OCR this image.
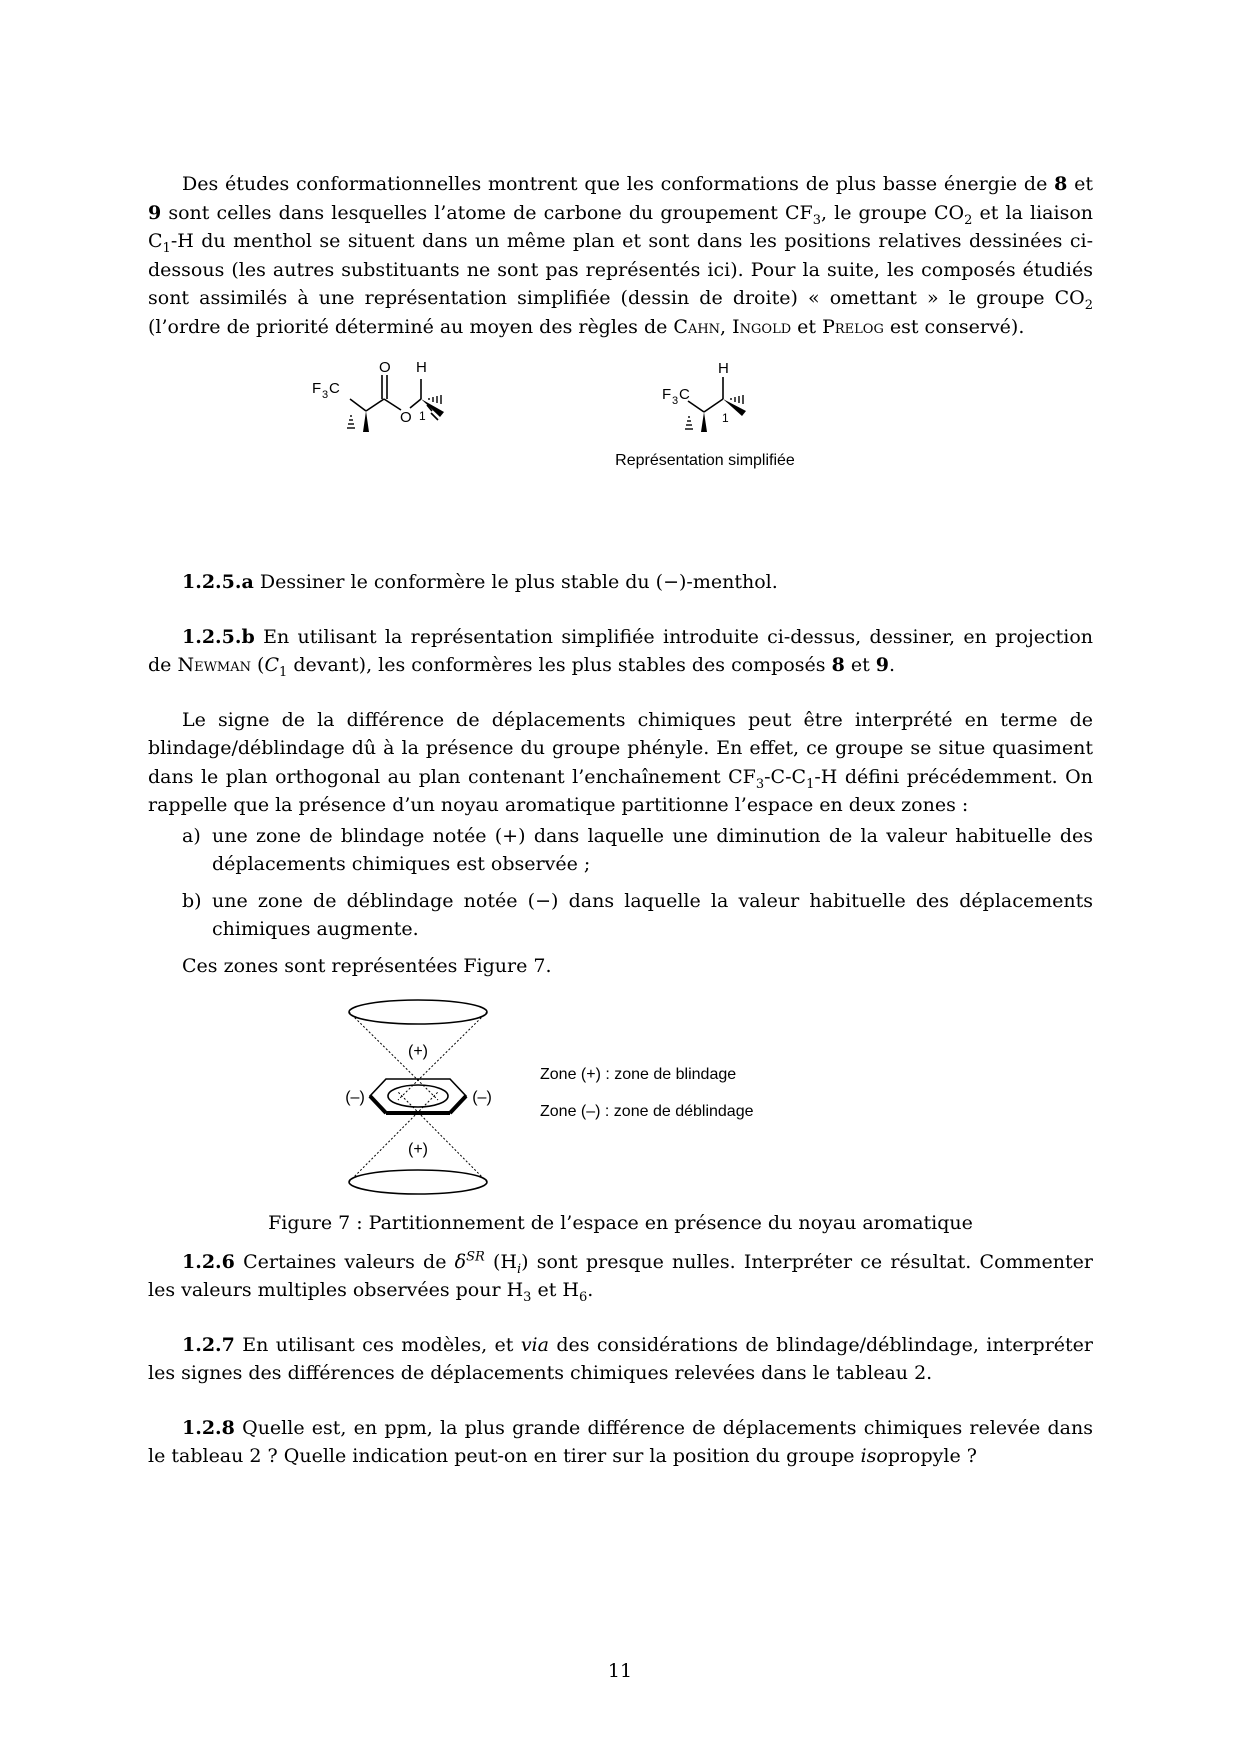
Des études conformationnelles montrent que les conformations de plus basse énergie de 8 et 9 sont celles dans lesquelles l’atome de carbone du groupement $CF_3$, le groupe $CO_2$ et la liaison $C_1-H$ du menthol se situent dans un même plan et sont dans les positions relatives dessinées ci-dessous (les autres substituants ne sont pas représentés ici). Pour la suite, les composés étudiés sont assimilés à une représentation simplifiée (dessin de droite) « omettant » le groupe $CO_2$ (l’ordre de priorité déterminé au moyen des règles de Cahn, Ingold et Prelog est conservé).

F 3 C
O H
O 1
F 3 C
H
1
Représentation simplifiée

1.2.5.a Dessiner le conformère le plus stable du (−)-menthol.

1.2.5.b En utilisant la représentation simplifiée introduite ci-dessus, dessiner, en projection de Newman ($C_1$ devant), les conformères les plus stables des composés 8 et 9.

Le signe de la différence de déplacements chimiques peut être interprété en terme de blindage/déblindage dû à la présence du groupe phényle. En effet, ce groupe se situe quasiment dans le plan orthogonal au plan contenant l’enchaînement $CF_3-C-C_1-H$ défini précédemment. On rappelle que la présence d’un noyau aromatique partitionne l’espace en deux zones :

a) une zone de blindage notée (+) dans laquelle une diminution de la valeur habituelle des déplacements chimiques est observée ;
b) une zone de déblindage notée (−) dans laquelle la valeur habituelle des déplacements chimiques augmente.
Ces zones sont représentées Figure 7.
(+)
(+)
(–)	(–)
Zone (+) : zone de blindage
Zone (–) : zone de déblindage
Figure 7 : Partitionnement de l’espace en présence du noyau aromatique

1.2.6 Certaines valeurs de $\delta^{SR}$ $(H_i)$ sont presque nulles. Interpréter ce résultat. Commenter les valeurs multiples observées pour $H_3$ et $H_6$.

1.2.7 En utilisant ces modèles, et via des considérations de blindage/déblindage, interpréter les signes des différences de déplacements chimiques relevées dans le tableau 2.

1.2.8 Quelle est, en ppm, la plus grande différence de déplacements chimiques relevée dans le tableau 2 ? Quelle indication peut-on en tirer sur la position du groupe isopropyle ?

11
